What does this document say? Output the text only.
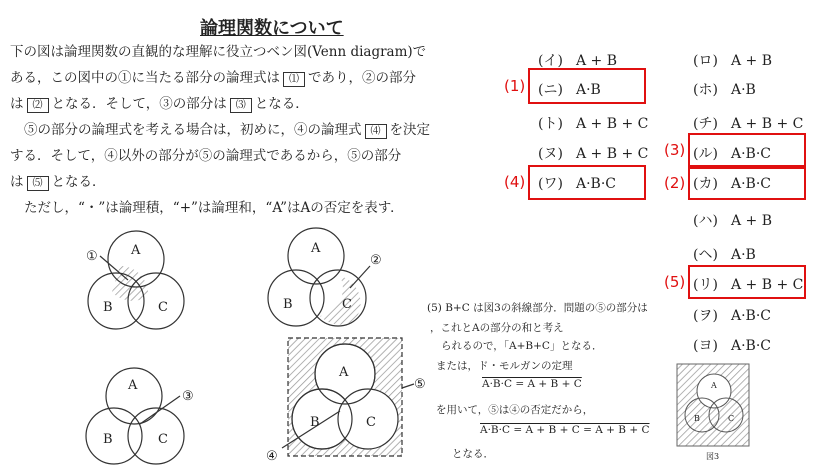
論理関数について
下の図は論理関数の直観的な理解に役立つベン図(Venn diagram)で
ある，この図中の①に当たる部分の論理式は ⑴ であり，②の部分
は ⑵ となる．そして，③の部分は ⑶ となる．
⑤の部分の論理式を考える場合は，初めに，④の論理式 ⑷ を決定
する．そして，④以外の部分が⑤の論理式であるから，⑤の部分
は ⑸ となる．
ただし，“・”は論理積，“+”は論理和，“A”はAの否定を表す．
A
B	C
①
A
B	C
②
A
B	C
③
A
B	C
⑤
④
(5) B+C は図3の斜線部分．問題の⑤の部分は
，これとAの部分の和と考え
られるので，「A+B+C」となる．
または，ド・モルガンの定理
A·B·C = A + B + C
を用いて，⑤は④の否定だから，
A·B·C = A + B + C = A + B + C
となる．
(イ) A + B
(ニ) A·B
(ト) A + B + C
(ヌ) A + B + C
(ワ) A·B·C
(ロ) A + B
(ホ) A·B
(チ) A + B + C
(ル) A·B·C
(カ) A·B·C
(ハ) A + B
(ヘ) A·B
(リ) A + B + C
(ヲ) A·B·C
(ヨ) A·B·C
(1)
(4)
(3)
(2)
(5)
A
B	C
図3
